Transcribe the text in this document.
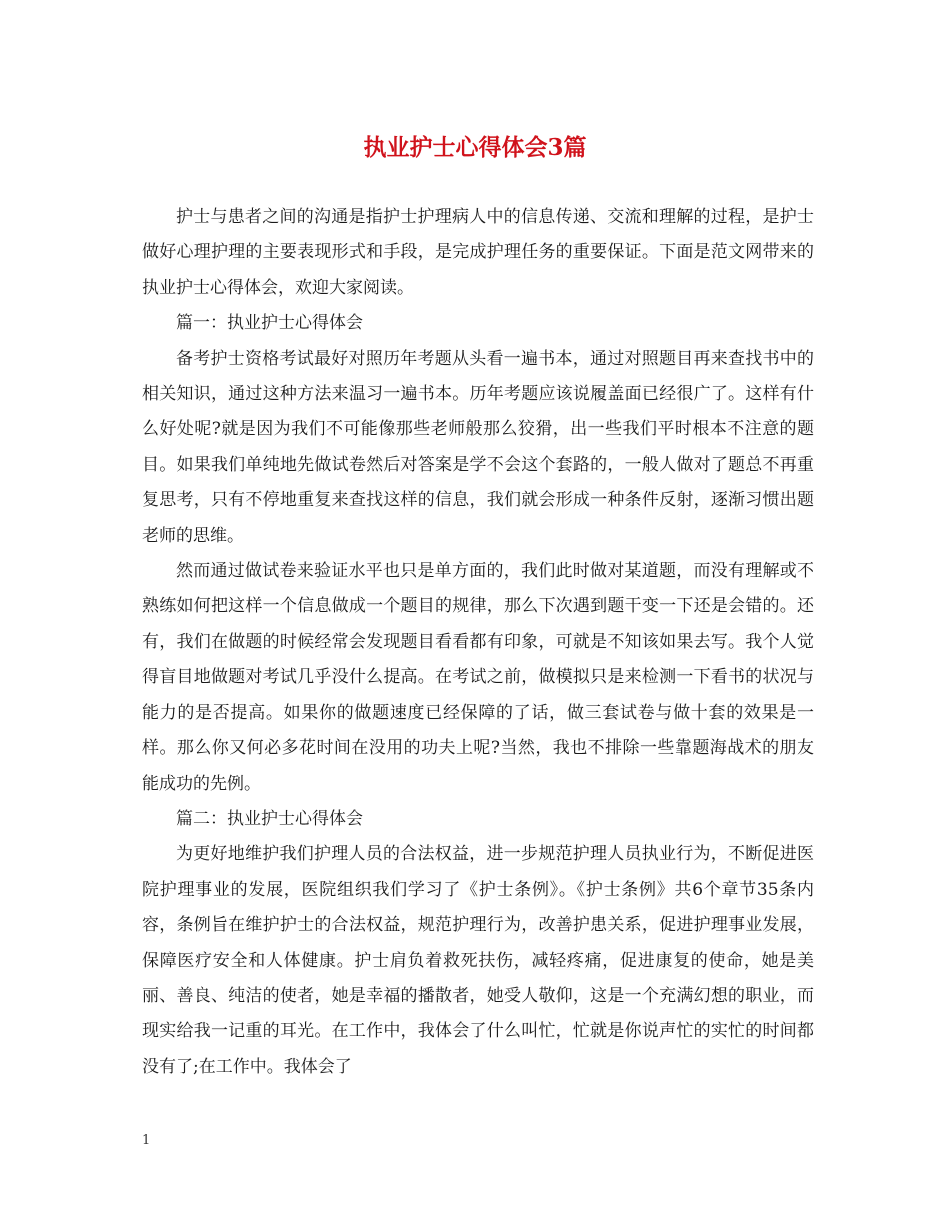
执业护士心得体会3篇

护士与患者之间的沟通是指护士护理病人中的信息传递、交流和理解的过程，是护士做好心理护理的主要表现形式和手段，是完成护理任务的重要保证。下面是范文网带来的执业护士心得体会，欢迎大家阅读。

篇一：执业护士心得体会

备考护士资格考试最好对照历年考题从头看一遍书本，通过对照题目再来查找书中的相关知识，通过这种方法来温习一遍书本。历年考题应该说履盖面已经很广了。这样有什么好处呢?就是因为我们不可能像那些老师般那么狡猾，出一些我们平时根本不注意的题目。如果我们单纯地先做试卷然后对答案是学不会这个套路的，一般人做对了题总不再重复思考，只有不停地重复来查找这样的信息，我们就会形成一种条件反射，逐渐习惯出题老师的思维。

然而通过做试卷来验证水平也只是单方面的，我们此时做对某道题，而没有理解或不熟练如何把这样一个信息做成一个题目的规律，那么下次遇到题干变一下还是会错的。还有，我们在做题的时候经常会发现题目看看都有印象，可就是不知该如果去写。我个人觉得盲目地做题对考试几乎没什么提高。在考试之前，做模拟只是来检测一下看书的状况与能力的是否提高。如果你的做题速度已经保障的了话，做三套试卷与做十套的效果是一样。那么你又何必多花时间在没用的功夫上呢?当然，我也不排除一些靠题海战术的朋友能成功的先例。

篇二：执业护士心得体会

为更好地维护我们护理人员的合法权益，进一步规范护理人员执业行为，不断促进医院护理事业的发展，医院组织我们学习了《护士条例》。《护士条例》共6个章节35条内容，条例旨在维护护士的合法权益，规范护理行为，改善护患关系，促进护理事业发展，保障医疗安全和人体健康。护士肩负着救死扶伤，减轻疼痛，促进康复的使命，她是美丽、善良、纯洁的使者，她是幸福的播散者，她受人敬仰，这是一个充满幻想的职业，而现实给我一记重的耳光。在工作中，我体会了什么叫忙，忙就是你说声忙的实忙的时间都没有了;在工作中。我体会了

1
